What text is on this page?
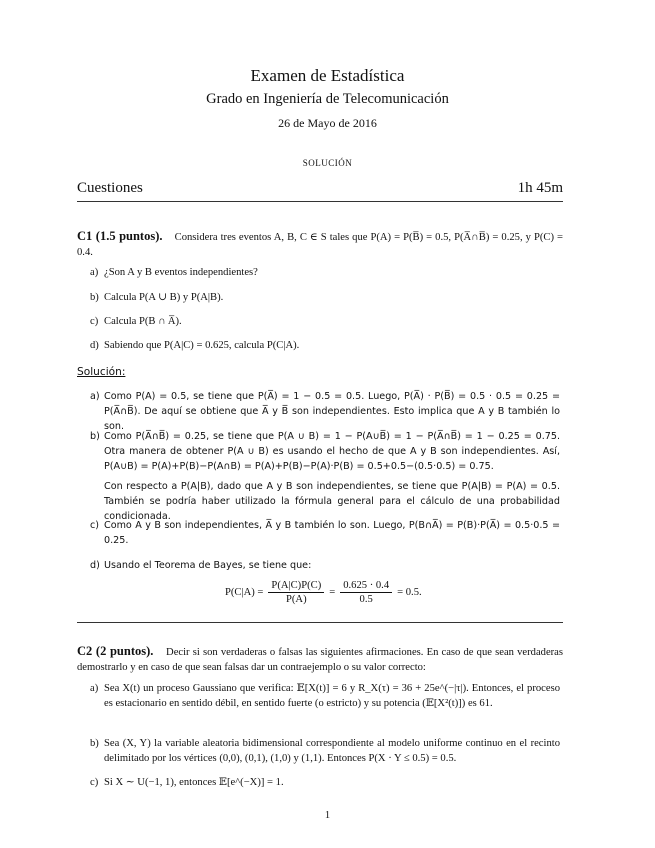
Examen de Estadística
Grado en Ingeniería de Telecomunicación
26 de Mayo de 2016
solución
Cuestiones	1h 45m
C1 (1.5 puntos). Considera tres eventos A, B, C ∈ S tales que P(A) = P(B̅) = 0.5, P(A̅∩B̅) = 0.25, y P(C) = 0.4.
a) ¿Son A y B eventos independientes?
b) Calcula P(A ∪ B) y P(A|B).
c) Calcula P(B ∩ A̅).
d) Sabiendo que P(A|C) = 0.625, calcula P(C|A).
Solución:
a) Como P(A) = 0.5, se tiene que P(A̅) = 1 − 0.5 = 0.5. Luego, P(A̅) · P(B̅) = 0.5 · 0.5 = 0.25 = P(A̅∩B̅). De aquí se obtiene que A̅ y B̅ son independientes. Esto implica que A y B también lo son.
b) Como P(A̅∩B̅) = 0.25, se tiene que P(A ∪ B) = 1 − P(A∪B̅) = 1 − P(A̅∩B̅) = 1 − 0.25 = 0.75. Otra manera de obtener P(A ∪ B) es usando el hecho de que A y B son independientes. Así, P(A∪B) = P(A)+P(B)−P(A∩B) = P(A)+P(B)−P(A)·P(B) = 0.5+0.5−(0.5·0.5) = 0.75.
Con respecto a P(A|B), dado que A y B son independientes, se tiene que P(A|B) = P(A) = 0.5. También se podría haber utilizado la fórmula general para el cálculo de una probabilidad condicionada.
c) Como A y B son independientes, A̅ y B también lo son. Luego, P(B∩A̅) = P(B)·P(A̅) = 0.5·0.5 = 0.25.
d) Usando el Teorema de Bayes, se tiene que:
$P(C|A) = \frac{P(A|C)P(C)}{P(A)} = \frac{0.625 \cdot 0.4}{0.5} = 0.5$.
C2 (2 puntos). Decir si son verdaderas o falsas las siguientes afirmaciones. En caso de que sean verdaderas demostrarlo y en caso de que sean falsas dar un contraejemplo o su valor correcto:
a) Sea X(t) un proceso Gaussiano que verifica: 𝔼[X(t)] = 6 y R_X(τ) = 36 + 25e^(−|τ|). Entonces, el proceso es estacionario en sentido débil, en sentido fuerte (o estricto) y su potencia (𝔼[X²(t)]) es 61.
b) Sea (X, Y) la variable aleatoria bidimensional correspondiente al modelo uniforme continuo en el recinto delimitado por los vértices (0,0), (0,1), (1,0) y (1,1). Entonces P(X · Y ≤ 0.5) = 0.5.
c) Si X ∼ U(−1, 1), entonces 𝔼[e^(−X)] = 1.
1
